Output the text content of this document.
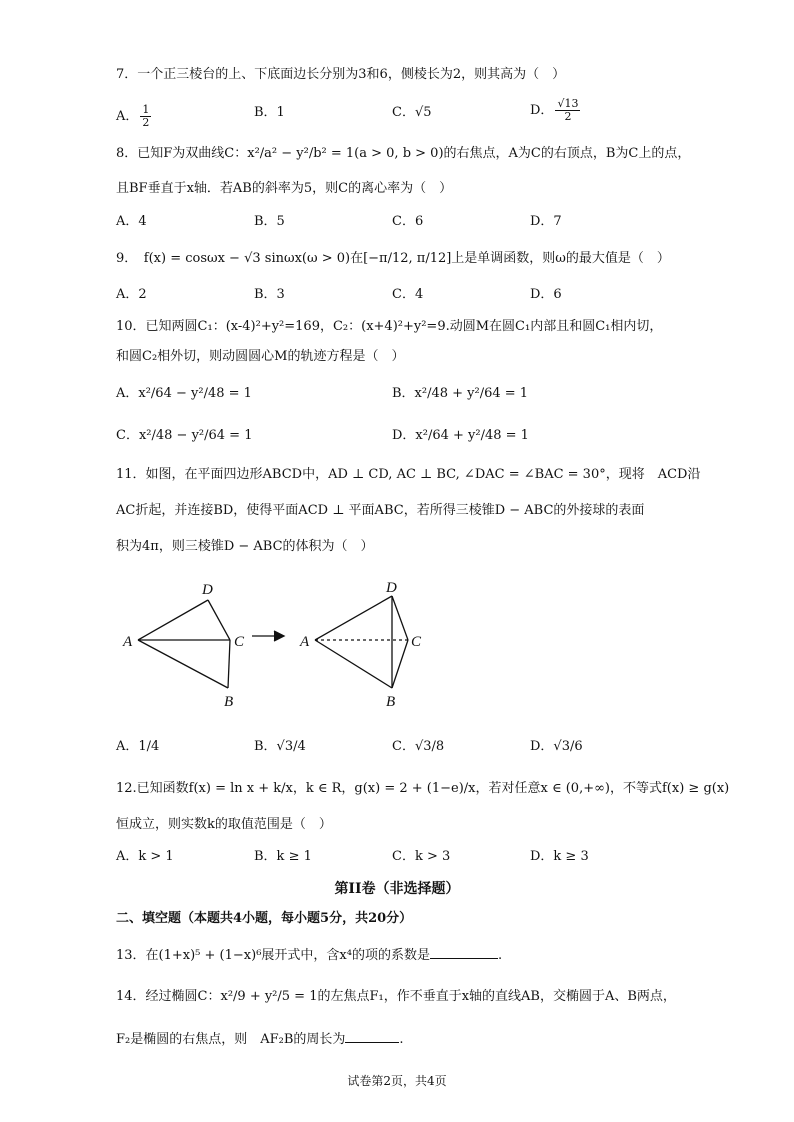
7．一个正三棱台的上、下底面边长分别为3和6，侧棱长为2，则其高为（　）
A． $\frac{1}{2}$	B．1	C．√5	D． $\frac{√13}{2}$
8．已知F为双曲线C：x²/a² − y²/b² = 1(a > 0, b > 0)的右焦点，A为C的右顶点，B为C上的点，
且BF垂直于x轴．若AB的斜率为5，则C的离心率为（　）
A．4	B．5	C．6	D．7
9．　f(x) = cosωx − √3 sinωx(ω > 0)在[−π/12, π/12]上是单调函数，则ω的最大值是（　）
A．2	B．3	C．4	D．6
10．已知两圆C₁：(x-4)²+y²=169，C₂：(x+4)²+y²=9.动圆M在圆C₁内部且和圆C₁相内切，
和圆C₂相外切，则动圆圆心M的轨迹方程是（　）
A．x²/64 − y²/48 = 1	B．x²/48 + y²/64 = 1
C．x²/48 − y²/64 = 1	D．x²/64 + y²/48 = 1
11．如图，在平面四边形ABCD中，AD ⊥ CD, AC ⊥ BC, ∠DAC = ∠BAC = 30°，现将　ACD沿
AC折起，并连接BD，使得平面ACD ⊥ 平面ABC，若所得三棱锥D − ABC的外接球的表面
积为4π，则三棱锥D − ABC的体积为（　）
D
A	C
B
D
A	C
B
A．1/4	B．√3/4	C．√3/8	D．√3/6
12.已知函数f(x) = ln x + k/x，k ∈ R，g(x) = 2 + (1−e)/x，若对任意x ∈ (0,+∞)，不等式f(x) ≥ g(x)
恒成立，则实数k的取值范围是（　）
A．k > 1	B．k ≥ 1	C．k > 3	D．k ≥ 3
第II卷（非选择题）
二、填空题（本题共4小题，每小题5分，共20分）
13．在(1+x)⁵ + (1−x)⁶展开式中，含x⁴的项的系数是	.
14．经过椭圆C：x²/9 + y²/5 = 1的左焦点F₁，作不垂直于x轴的直线AB，交椭圆于A、B两点，
F₂是椭圆的右焦点，则　AF₂B的周长为	.
试卷第2页，共4页
